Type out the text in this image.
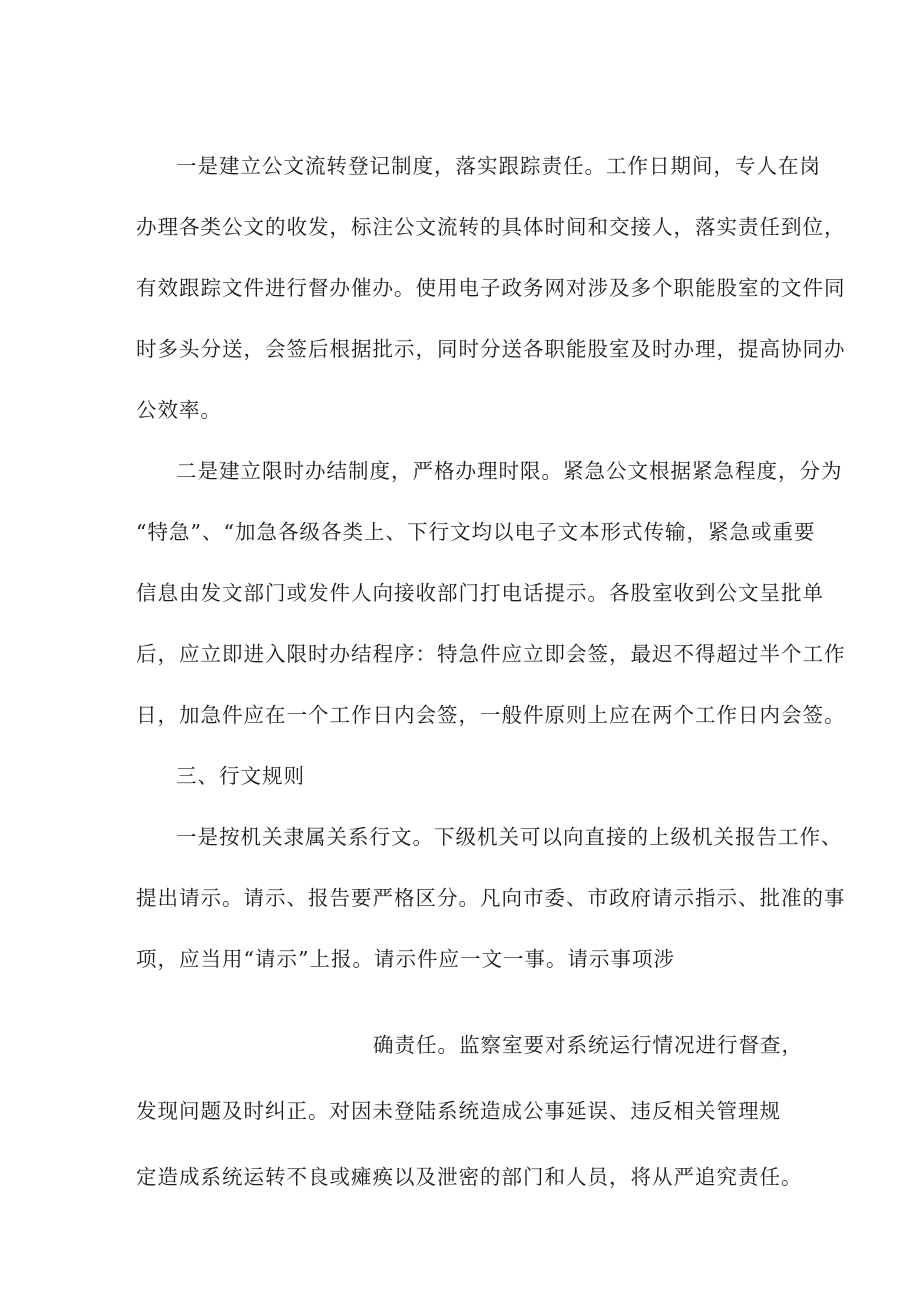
一是建立公文流转登记制度，落实跟踪责任。工作日期间，专人在岗
办理各类公文的收发，标注公文流转的具体时间和交接人，落实责任到位，
有效跟踪文件进行督办催办。使用电子政务网对涉及多个职能股室的文件同
时多头分送，会签后根据批示，同时分送各职能股室及时办理，提高协同办
公效率。
二是建立限时办结制度，严格办理时限。紧急公文根据紧急程度，分为
“特急”、“加急各级各类上、下行文均以电子文本形式传输，紧急或重要
信息由发文部门或发件人向接收部门打电话提示。各股室收到公文呈批单
后，应立即进入限时办结程序：特急件应立即会签，最迟不得超过半个工作
日，加急件应在一个工作日内会签，一般件原则上应在两个工作日内会签。
三、行文规则
一是按机关隶属关系行文。下级机关可以向直接的上级机关报告工作、
提出请示。请示、报告要严格区分。凡向市委、市政府请示指示、批准的事
项，应当用“请示”上报。请示件应一文一事。请示事项涉
确责任。监察室要对系统运行情况进行督查，
发现问题及时纠正。对因未登陆系统造成公事延误、违反相关管理规
定造成系统运转不良或瘫痪以及泄密的部门和人员，将从严追究责任。
